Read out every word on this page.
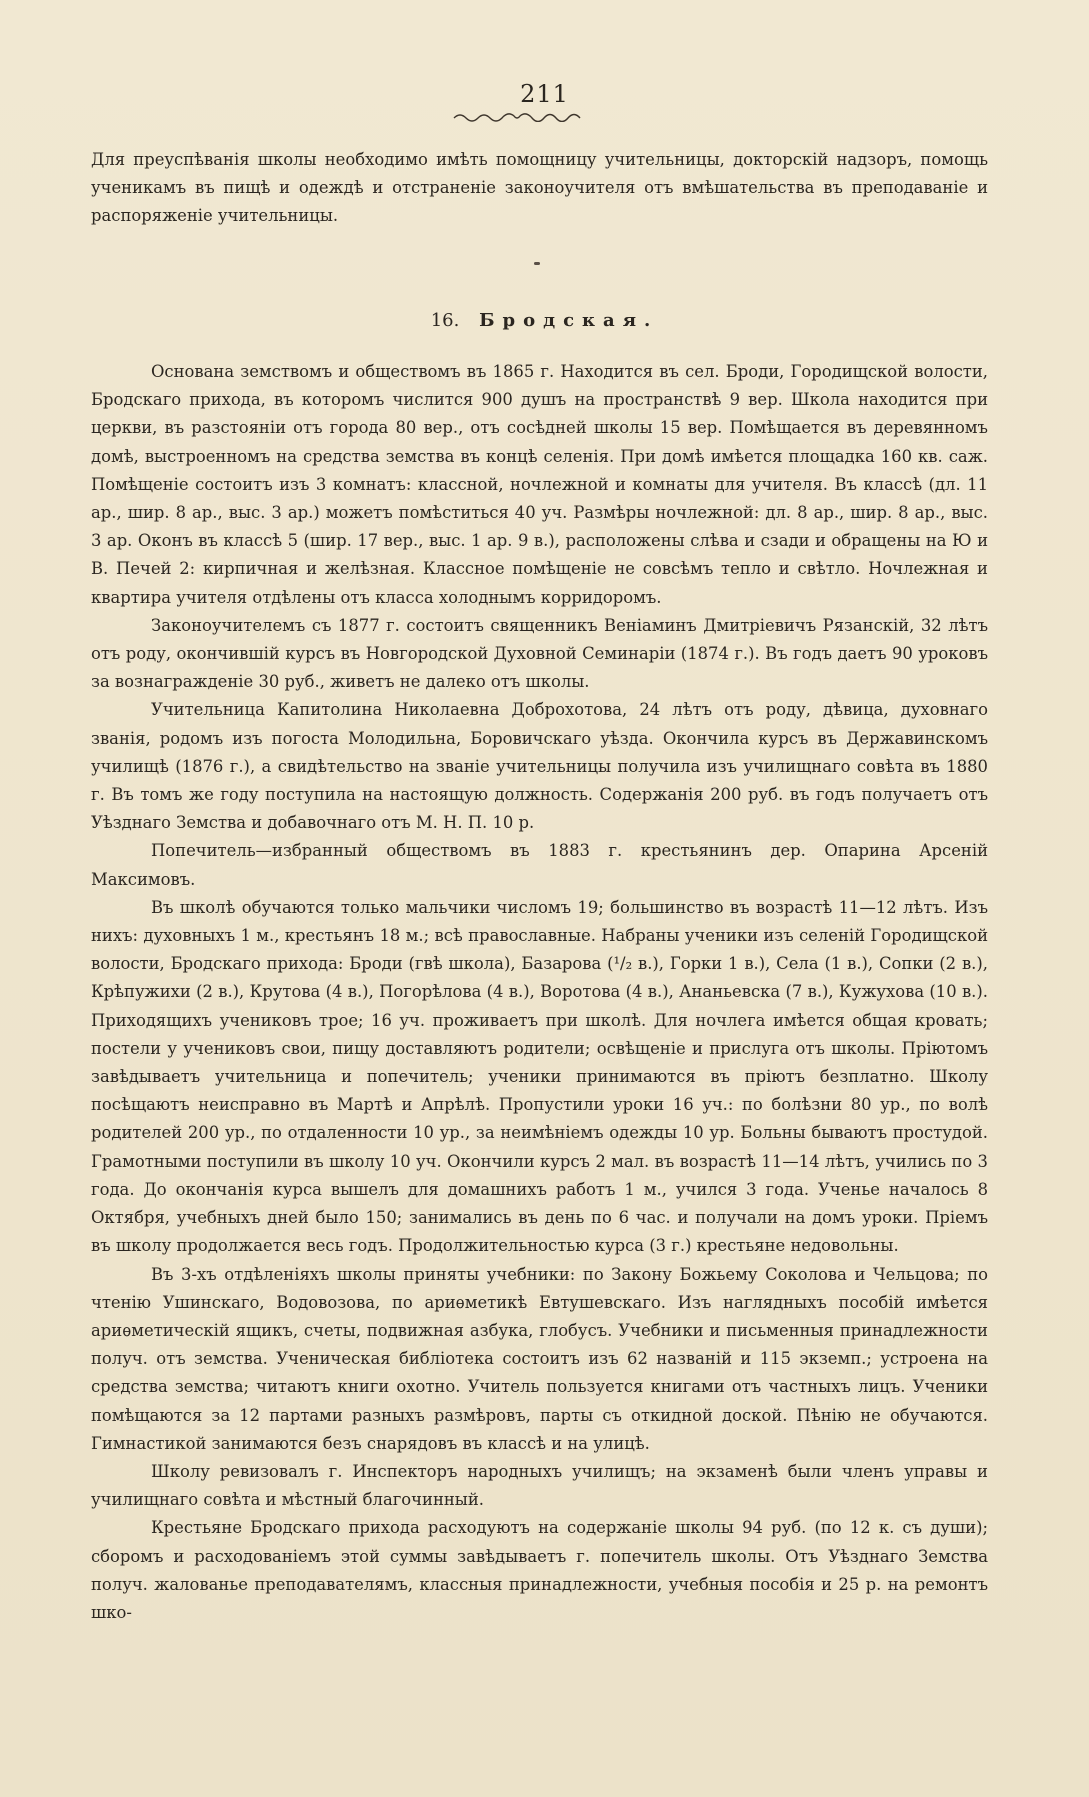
211

Для преуспѣванія школы необходимо имѣть помощницу учительницы, докторскій надзоръ, помощь ученикамъ въ пищѣ и одеждѣ и отстраненіе законоучителя отъ вмѣшательства въ преподаваніе и распоряженіе учительницы.

16. Бродская.

Основана земствомъ и обществомъ въ 1865 г. Находится въ сел. Броди, Городищской волости, Бродскаго прихода, въ которомъ числится 900 душъ на пространствѣ 9 вер. Школа находится при церкви, въ разстояніи отъ города 80 вер., отъ сосѣдней школы 15 вер. Помѣщается въ деревянномъ домѣ, выстроенномъ на средства земства въ концѣ селенія. При домѣ имѣется площадка 160 кв. саж. Помѣщеніе состоитъ изъ 3 комнатъ: классной, ночлежной и комнаты для учителя. Въ классѣ (дл. 11 ар., шир. 8 ар., выс. 3 ар.) можетъ помѣститься 40 уч. Размѣры ночлежной: дл. 8 ар., шир. 8 ар., выс. 3 ар. Оконъ въ классѣ 5 (шир. 17 вер., выс. 1 ар. 9 в.), расположены слѣва и сзади и обращены на Ю и В. Печей 2: кирпичная и желѣзная. Классное помѣщеніе не совсѣмъ тепло и свѣтло. Ночлежная и квартира учителя отдѣлены отъ класса холоднымъ корридоромъ.

Законоучителемъ съ 1877 г. состоитъ священникъ Веніаминъ Дмитріевичъ Рязанскій, 32 лѣтъ отъ роду, окончившій курсъ въ Новгородской Духовной Семинаріи (1874 г.). Въ годъ даетъ 90 уроковъ за вознагражденіе 30 руб., живетъ не далеко отъ школы.

Учительница Капитолина Николаевна Доброхотова, 24 лѣтъ отъ роду, дѣвица, духовнаго званія, родомъ изъ погоста Молодильна, Боровичскаго уѣзда. Окончила курсъ въ Державинскомъ училищѣ (1876 г.), а свидѣтельство на званіе учительницы получила изъ училищнаго совѣта въ 1880 г. Въ томъ же году поступила на настоящую должность. Содержанія 200 руб. въ годъ получаетъ отъ Уѣзднаго Земства и добавочнаго отъ М. Н. П. 10 р.

Попечитель—избранный обществомъ въ 1883 г. крестьянинъ дер. Опарина Арсеній Максимовъ.

Въ школѣ обучаются только мальчики числомъ 19; большинство въ возрастѣ 11—12 лѣтъ. Изъ нихъ: духовныхъ 1 м., крестьянъ 18 м.; всѣ православные. Набраны ученики изъ селеній Городищской волости, Бродскаго прихода: Броди (гвѣ школа), Базарова (¹/₂ в.), Горки 1 в.), Села (1 в.), Сопки (2 в.), Крѣпужихи (2 в.), Крутова (4 в.), Погорѣлова (4 в.), Воротова (4 в.), Ананьевска (7 в.), Кужухова (10 в.). Приходящихъ учениковъ трое; 16 уч. проживаетъ при школѣ. Для ночлега имѣется общая кровать; постели у учениковъ свои, пищу доставляютъ родители; освѣщеніе и прислуга отъ школы. Пріютомъ завѣдываетъ учительница и попечитель; ученики принимаются въ пріютъ безплатно. Школу посѣщаютъ неисправно въ Мартѣ и Апрѣлѣ. Пропустили уроки 16 уч.: по болѣзни 80 ур., по волѣ родителей 200 ур., по отдаленности 10 ур., за неимѣніемъ одежды 10 ур. Больны бываютъ простудой. Грамотными поступили въ школу 10 уч. Окончили курсъ 2 мал. въ возрастѣ 11—14 лѣтъ, учились по 3 года. До окончанія курса вышелъ для домашнихъ работъ 1 м., учился 3 года. Ученье началось 8 Октября, учебныхъ дней было 150; занимались въ день по 6 час. и получали на домъ уроки. Пріемъ въ школу продолжается весь годъ. Продолжительностью курса (3 г.) крестьяне недовольны.

Въ 3-хъ отдѣленіяхъ школы приняты учебники: по Закону Божьему Соколова и Чельцова; по чтенію Ушинскаго, Водовозова, по ариѳметикѣ Евтушевскаго. Изъ наглядныхъ пособій имѣется ариѳметическій ящикъ, счеты, подвижная азбука, глобусъ. Учебники и письменныя принадлежности получ. отъ земства. Ученическая библіотека состоитъ изъ 62 названій и 115 экземп.; устроена на средства земства; читаютъ книги охотно. Учитель пользуется книгами отъ частныхъ лицъ. Ученики помѣщаются за 12 партами разныхъ размѣровъ, парты съ откидной доской. Пѣнію не обучаются. Гимнастикой занимаются безъ снарядовъ въ классѣ и на улицѣ.

Школу ревизовалъ г. Инспекторъ народныхъ училищъ; на экзаменѣ были членъ управы и училищнаго совѣта и мѣстный благочинный.

Крестьяне Бродскаго прихода расходуютъ на содержаніе школы 94 руб. (по 12 к. съ души); сборомъ и расходованіемъ этой суммы завѣдываетъ г. попечитель школы. Отъ Уѣзднаго Земства получ. жалованье преподавателямъ, классныя принадлежности, учебныя пособія и 25 р. на ремонтъ шко-
